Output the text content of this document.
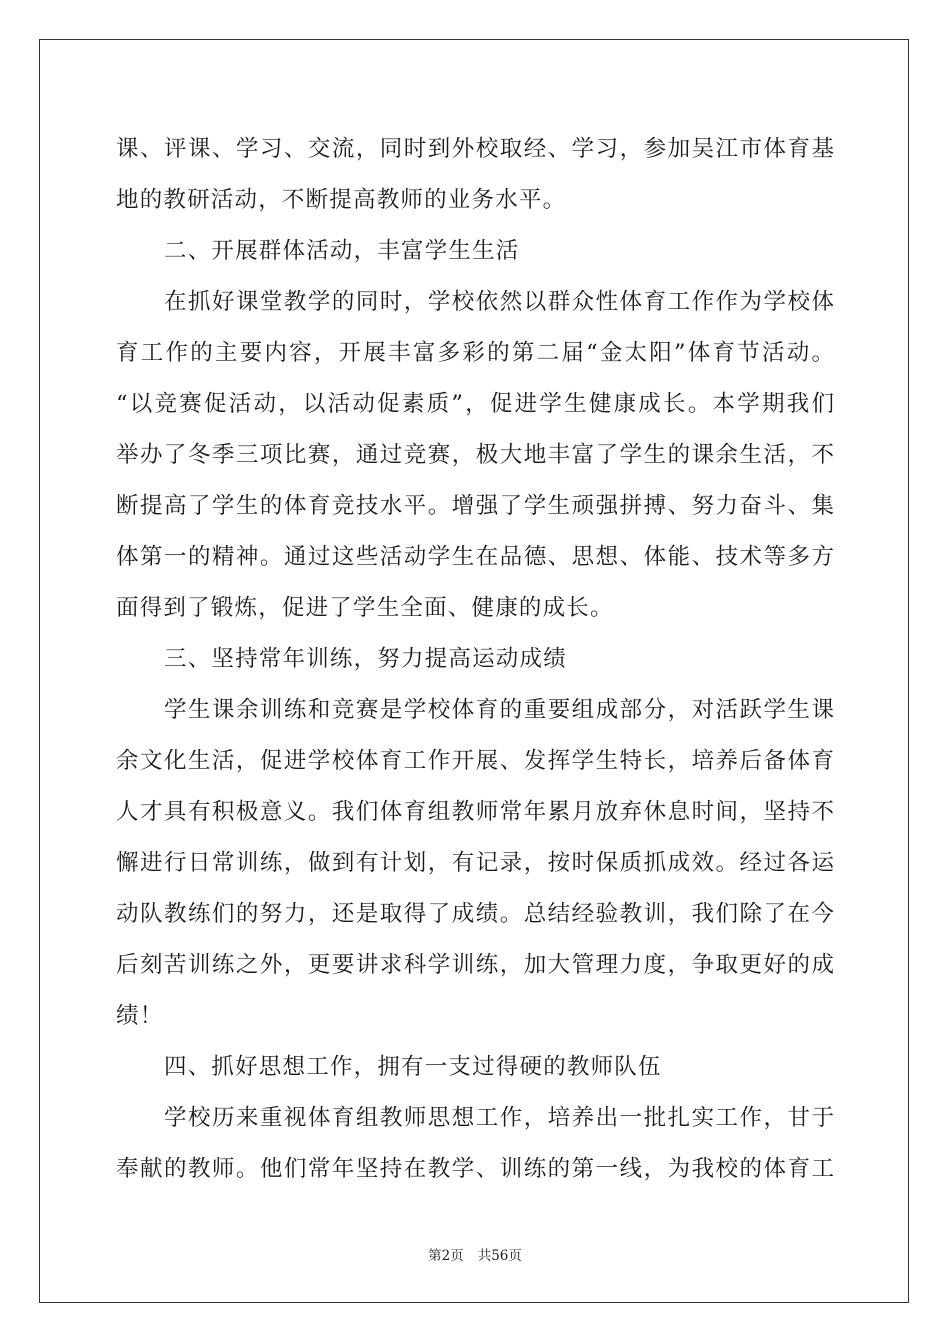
课、评课、学习、交流，同时到外校取经、学习，参加吴江市体育基
地的教研活动，不断提高教师的业务水平。
二、开展群体活动，丰富学生生活
在抓好课堂教学的同时，学校依然以群众性体育工作作为学校体
育工作的主要内容，开展丰富多彩的第二届“金太阳”体育节活动。
“以竞赛促活动，以活动促素质”，促进学生健康成长。本学期我们
举办了冬季三项比赛，通过竞赛，极大地丰富了学生的课余生活，不
断提高了学生的体育竞技水平。增强了学生顽强拼搏、努力奋斗、集
体第一的精神。通过这些活动学生在品德、思想、体能、技术等多方
面得到了锻炼，促进了学生全面、健康的成长。
三、坚持常年训练，努力提高运动成绩
学生课余训练和竞赛是学校体育的重要组成部分，对活跃学生课
余文化生活，促进学校体育工作开展、发挥学生特长，培养后备体育
人才具有积极意义。我们体育组教师常年累月放弃休息时间，坚持不
懈进行日常训练，做到有计划，有记录，按时保质抓成效。经过各运
动队教练们的努力，还是取得了成绩。总结经验教训，我们除了在今
后刻苦训练之外，更要讲求科学训练，加大管理力度，争取更好的成
绩！
四、抓好思想工作，拥有一支过得硬的教师队伍
学校历来重视体育组教师思想工作，培养出一批扎实工作，甘于
奉献的教师。他们常年坚持在教学、训练的第一线，为我校的体育工
第2页 共56页
